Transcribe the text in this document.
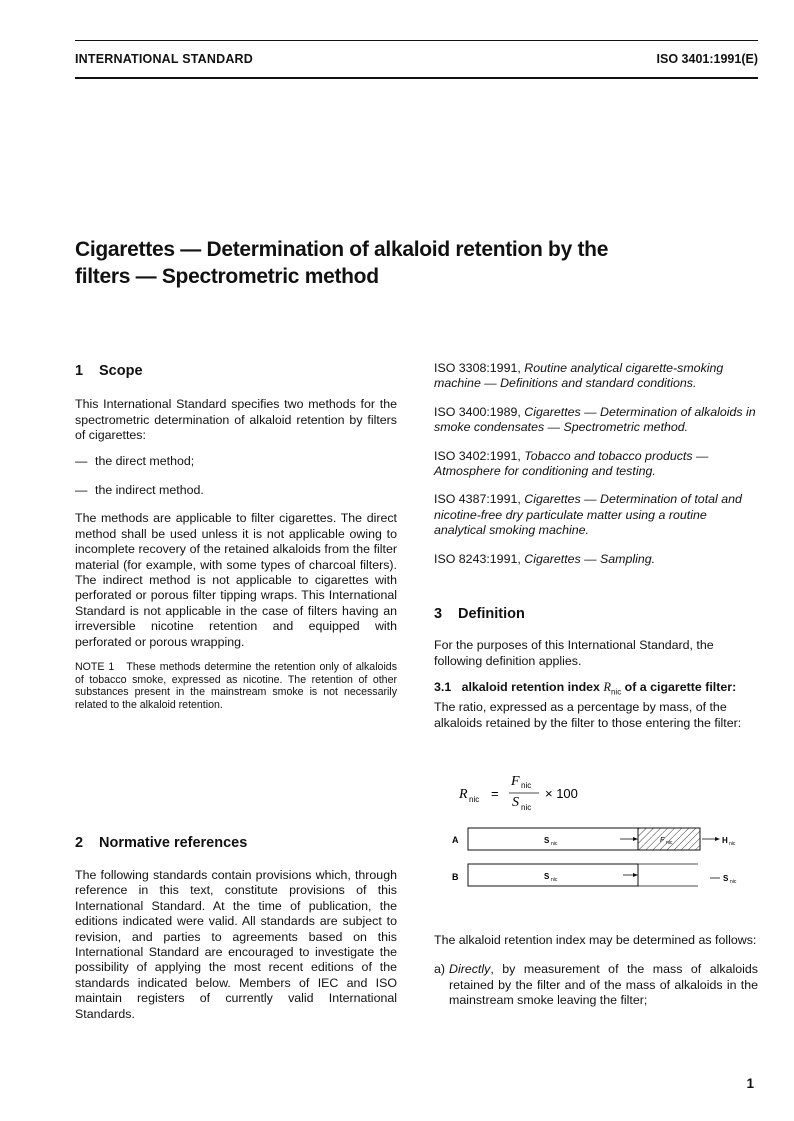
INTERNATIONAL STANDARD	ISO 3401:1991(E)
Cigarettes — Determination of alkaloid retention by the
filters — Spectrometric method
1	Scope

This International Standard specifies two methods for the spectrometric determination of alkaloid retention by filters of cigarettes:

— the direct method;
— the indirect method.

The methods are applicable to filter cigarettes. The direct method shall be used unless it is not applicable owing to incomplete recovery of the retained alkaloids from the filter material (for example, with some types of charcoal filters). The indirect method is not applicable to cigarettes with perforated or porous filter tipping wraps. This International Standard is not applicable in the case of filters having an irreversible nicotine retention and equipped with perforated or porous wrapping.

NOTE 1 These methods determine the retention only of alkaloids of tobacco smoke, expressed as nicotine. The retention of other substances present in the mainstream smoke is not necessarily related to the alkaloid retention.

2	Normative references

The following standards contain provisions which, through reference in this text, constitute provisions of this International Standard. At the time of publication, the editions indicated were valid. All standards are subject to revision, and parties to agreements based on this International Standard are encouraged to investigate the possibility of applying the most recent editions of the standards indicated below. Members of IEC and ISO maintain registers of currently valid International Standards.

ISO 3308:1991, Routine analytical cigarette-smoking machine — Definitions and standard conditions.

ISO 3400:1989, Cigarettes — Determination of alkaloids in smoke condensates — Spectrometric method.

ISO 3402:1991, Tobacco and tobacco products — Atmosphere for conditioning and testing.

ISO 4387:1991, Cigarettes — Determination of total and nicotine-free dry particulate matter using a routine analytical smoking machine.

ISO 8243:1991, Cigarettes — Sampling.

3	Definition

For the purposes of this International Standard, the following definition applies.

3.1 alkaloid retention index $R_{nic}$ of a cigarette filter: The ratio, expressed as a percentage by mass, of the alkaloids retained by the filter to those entering the filter:

R nic =
F nic
S nic
× 100
A	S nic	F nic	H nic
B	S nic	S nic

The alkaloid retention index may be determined as follows:

a) Directly, by measurement of the mass of alkaloids retained by the filter and of the mass of alkaloids in the mainstream smoke leaving the filter;

1
